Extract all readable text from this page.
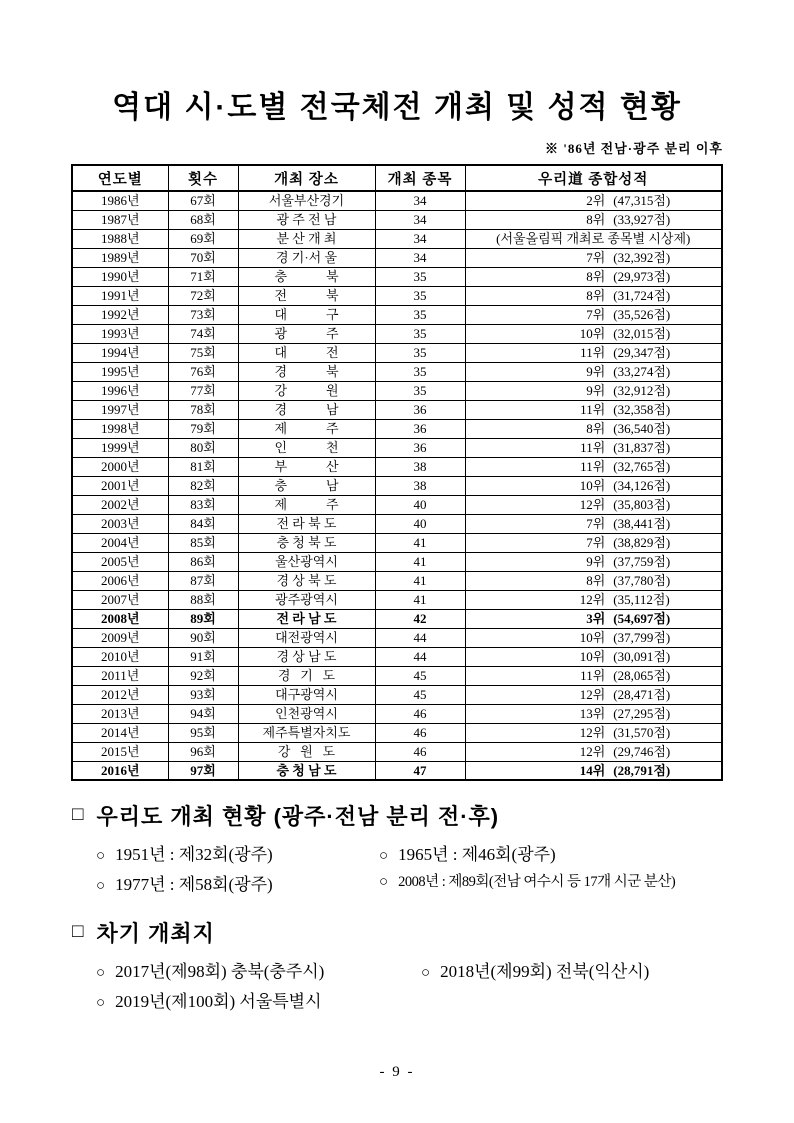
역대 시·도별 전국체전 개최 및 성적 현황
※ '86년 전남·광주 분리 이후
연도별	횟수	개최 장소	개최 종목	우리道 종합성적
1986년	67회	서울부산경기	34	2위 (47,315점)
1987년	68회	광 주 전 남	34	8위 (33,927점)
1988년	69회	분 산 개 최	34	(서울올림픽 개최로 종목별 시상제)
1989년	70회	경 기·서 울	34	7위 (32,392점)
1990년	71회	충            북	35	8위 (29,973점)
1991년	72회	전            북	35	8위 (31,724점)
1992년	73회	대            구	35	7위 (35,526점)
1993년	74회	광            주	35	10위 (32,015점)
1994년	75회	대            전	35	11위 (29,347점)
1995년	76회	경            북	35	9위 (33,274점)
1996년	77회	강            원	35	9위 (32,912점)
1997년	78회	경            남	36	11위 (32,358점)
1998년	79회	제            주	36	8위 (36,540점)
1999년	80회	인            천	36	11위 (31,837점)
2000년	81회	부            산	38	11위 (32,765점)
2001년	82회	충            남	38	10위 (34,126점)
2002년	83회	제            주	40	12위 (35,803점)
2003년	84회	전 라 북 도	40	7위 (38,441점)
2004년	85회	충 청 북 도	41	7위 (38,829점)
2005년	86회	울산광역시	41	9위 (37,759점)
2006년	87회	경 상 북 도	41	8위 (37,780점)
2007년	88회	광주광역시	41	12위 (35,112점)
2008년	89회	전 라 남 도	42	3위 (54,697점)
2009년	90회	대전광역시	44	10위 (37,799점)
2010년	91회	경 상 남 도	44	10위 (30,091점)
2011년	92회	경   기   도	45	11위 (28,065점)
2012년	93회	대구광역시	45	12위 (28,471점)
2013년	94회	인천광역시	46	13위 (27,295점)
2014년	95회	제주특별자치도	46	12위 (31,570점)
2015년	96회	강   원   도	46	12위 (29,746점)
2016년	97회	충 청 남 도	47	14위 (28,791점)
□ 우리도 개최 현황 (광주·전남 분리 전·후)
○ 1951년 : 제32회(광주)	○ 1965년 : 제46회(광주)
○ 1977년 : 제58회(광주)	○ 2008년 : 제89회(전남 여수시 등 17개 시군 분산)
□ 차기 개최지
○ 2017년(제98회) 충북(충주시)	○ 2018년(제99회) 전북(익산시)
○ 2019년(제100회) 서울특별시
- 9 -
